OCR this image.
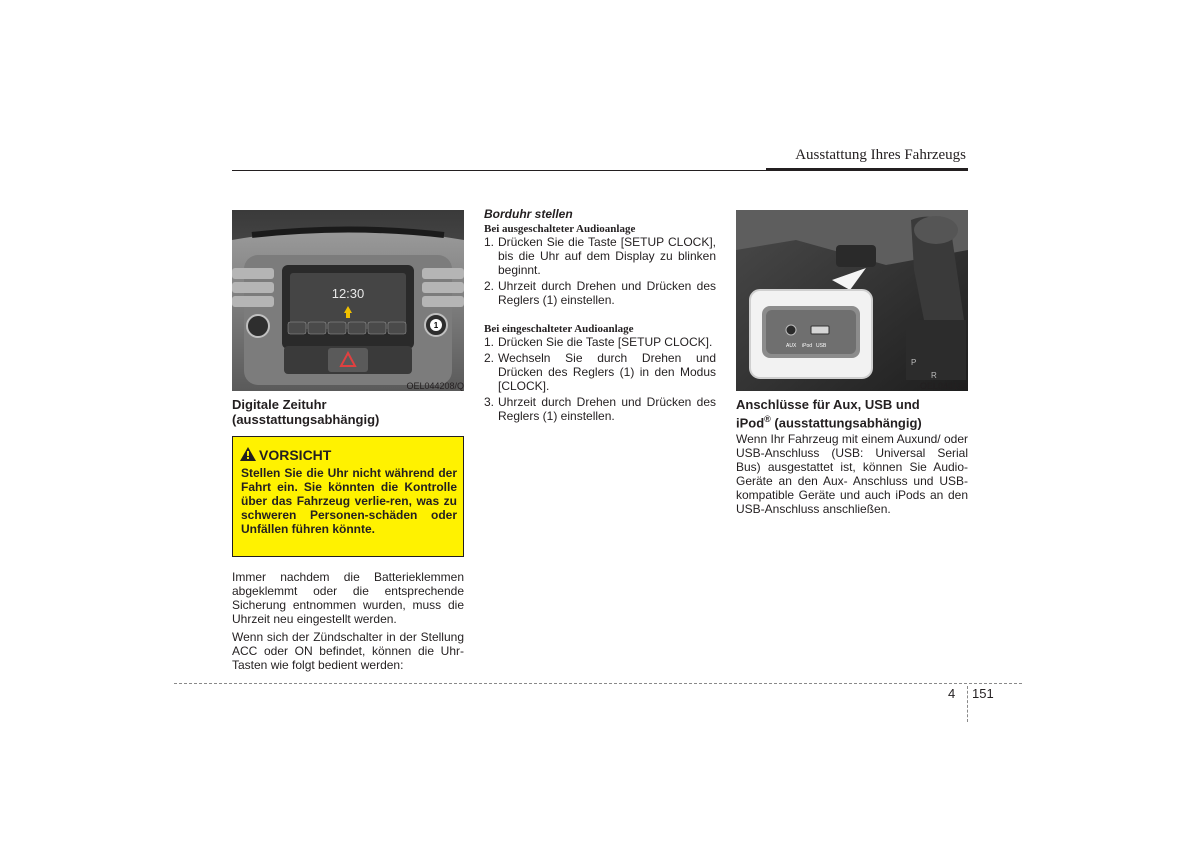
Ausstattung Ihres Fahrzeugs
12:30
1
OEL044208/Q
Digitale Zeituhr
(ausstattungsabhängig)
VORSICHT
Stellen Sie die Uhr nicht während der Fahrt ein. Sie könnten die Kontrolle über das Fahrzeug verlie-ren, was zu schweren Personen-schäden oder Unfällen führen könnte.

Immer nachdem die Batterieklemmen abgeklemmt oder die entsprechende Sicherung entnommen wurden, muss die Uhrzeit neu eingestellt werden.

Wenn sich der Zündschalter in der Stellung ACC oder ON befindet, können die Uhr-Tasten wie folgt bedient werden:

Borduhr stellen
Bei ausgeschalteter Audioanlage
1. Drücken Sie die Taste [SETUP CLOCK], bis die Uhr auf dem Display zu blinken beginnt.
2. Uhrzeit durch Drehen und Drücken des Reglers (1) einstellen.
Bei eingeschalteter Audioanlage
1. Drücken Sie die Taste [SETUP CLOCK].
2. Wechseln Sie durch Drehen und Drücken des Reglers (1) in den Modus [CLOCK].
3. Uhrzeit durch Drehen und Drücken des Reglers (1) einstellen.
P
R
AUX iPod USB
OEL043195
Anschlüsse für Aux, USB und
iPod® (ausstattungsabhängig)
Wenn Ihr Fahrzeug mit einem Auxund/ oder USB-Anschluss (USB: Universal Serial Bus) ausgestattet ist, können Sie Audio-Geräte an den Aux- Anschluss und USB-kompatible Geräte und auch iPods an den USB-Anschluss anschließen.
4 151
